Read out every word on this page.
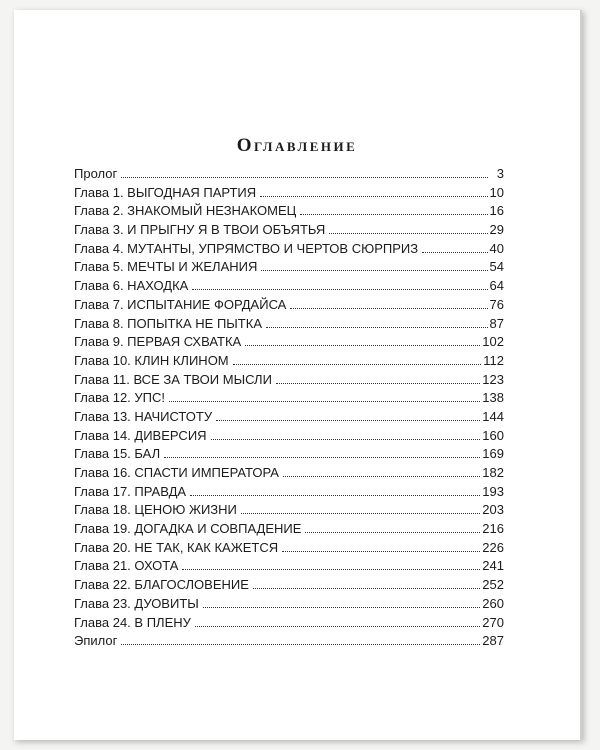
Оглавление
Пролог	3
Глава 1. ВЫГОДНАЯ ПАРТИЯ	10
Глава 2. ЗНАКОМЫЙ НЕЗНАКОМЕЦ	16
Глава 3. И ПРЫГНУ Я В ТВОИ ОБЪЯТЬЯ	29
Глава 4. МУТАНТЫ, УПРЯМСТВО И ЧЕРТОВ СЮРПРИЗ	40
Глава 5. МЕЧТЫ И ЖЕЛАНИЯ	54
Глава 6. НАХОДКА	64
Глава 7. ИСПЫТАНИЕ ФОРДАЙСА	76
Глава 8. ПОПЫТКА НЕ ПЫТКА	87
Глава 9. ПЕРВАЯ СХВАТКА	102
Глава 10. КЛИН КЛИНОМ	112
Глава 11. ВСЕ ЗА ТВОИ МЫСЛИ	123
Глава 12. УПС!	138
Глава 13. НАЧИСТОТУ	144
Глава 14. ДИВЕРСИЯ	160
Глава 15. БАЛ	169
Глава 16. СПАСТИ ИМПЕРАТОРА	182
Глава 17. ПРАВДА	193
Глава 18. ЦЕНОЮ ЖИЗНИ	203
Глава 19. ДОГАДКА И СОВПАДЕНИЕ	216
Глава 20. НЕ ТАК, КАК КАЖЕТСЯ	226
Глава 21. ОХОТА	241
Глава 22. БЛАГОСЛОВЕНИЕ	252
Глава 23. ДУОВИТЫ	260
Глава 24. В ПЛЕНУ	270
Эпилог	287
